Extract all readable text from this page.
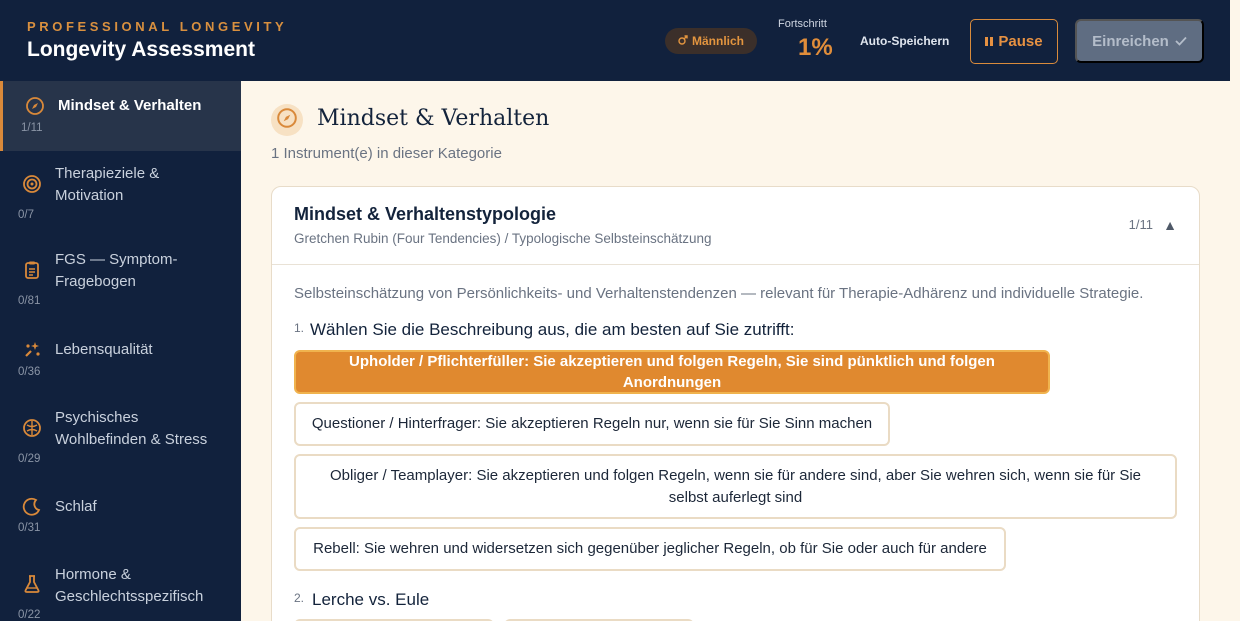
PROFESSIONAL LONGEVITY
Longevity Assessment	Männlich
Fortschritt
1% Auto-Speichern	Pause	Einreichen
Mindset & Verhalten
1/11
Therapieziele & Motivation
0/7
FGS — Symptom-Fragebogen
0/81
Lebensqualität
0/36
Psychisches Wohlbefinden & Stress
0/29
Schlaf
0/31
Hormone & Geschlechtsspezifisch
0/22
Mindset & Verhalten
1 Instrument(e) in dieser Kategorie
Mindset & Verhaltenstypologie
Gretchen Rubin (Four Tendencies) / Typologische Selbsteinschätzung
1/11 ▲
Selbsteinschätzung von Persönlichkeits- und Verhaltenstendenzen — relevant für Therapie-Adhärenz und individuelle Strategie.
1. Wählen Sie die Beschreibung aus, die am besten auf Sie zutrifft:
Upholder / Pflichterfüller: Sie akzeptieren und folgen Regeln, Sie sind pünktlich und folgen Anordnungen
Questioner / Hinterfrager: Sie akzeptieren Regeln nur, wenn sie für Sie Sinn machen
Obliger / Teamplayer: Sie akzeptieren und folgen Regeln, wenn sie für andere sind, aber Sie wehren sich, wenn sie für Sie selbst auferlegt sind
Rebell: Sie wehren und widersetzen sich gegenüber jeglicher Regeln, ob für Sie oder auch für andere
2. Lerche vs. Eule
